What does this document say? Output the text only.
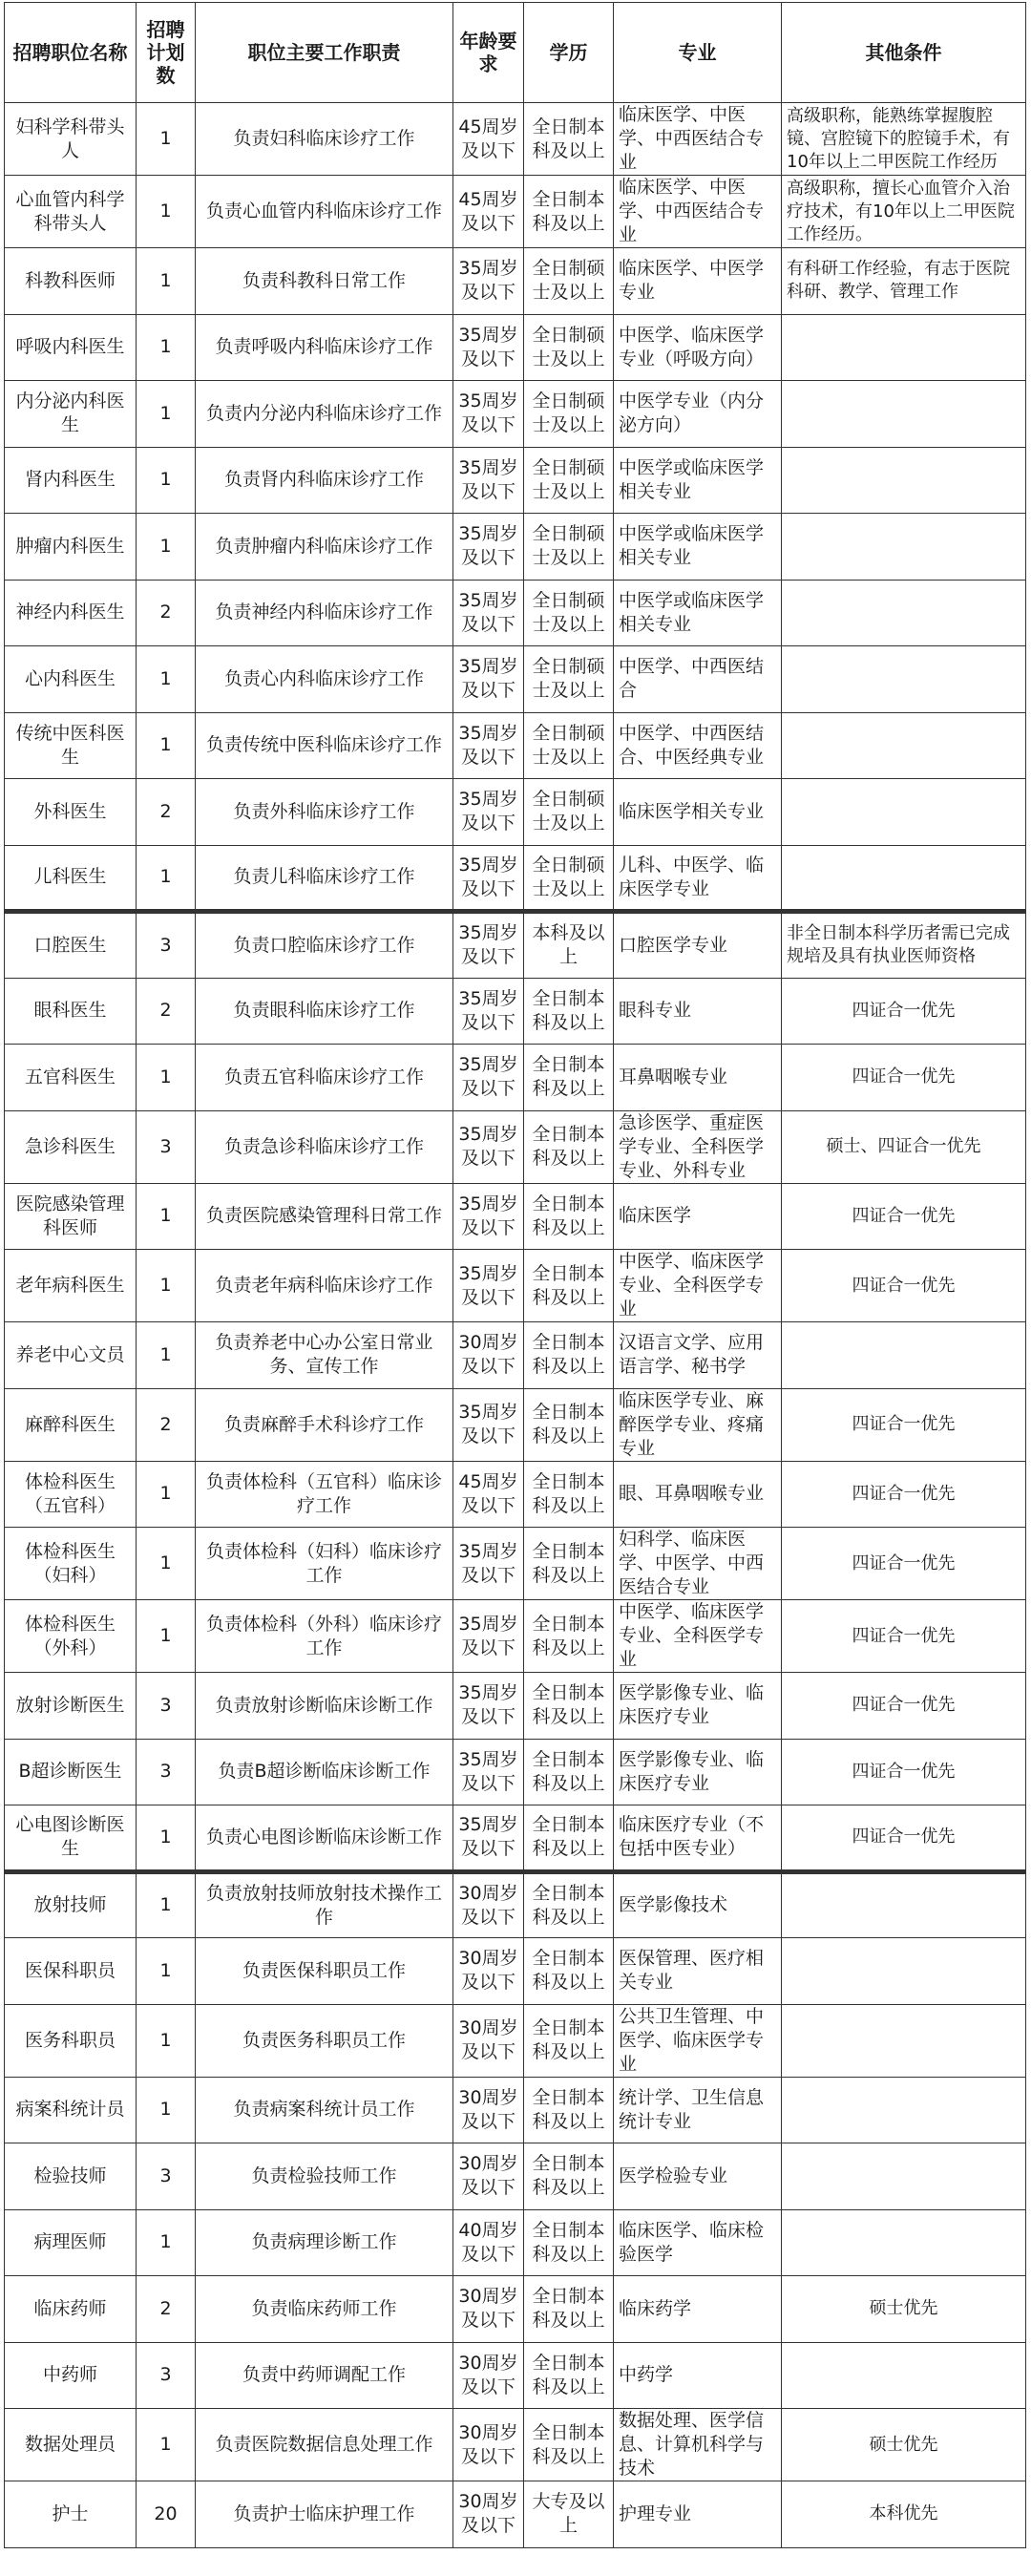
招聘职位名称	招聘计划数	职位主要工作职责	年龄要求	学历	专业	其他条件
妇科学科带头人	1	负责妇科临床诊疗工作	45周岁及以下	全日制本科及以上	临床医学、中医学、中西医结合专业	高级职称，能熟练掌握腹腔镜、宫腔镜下的腔镜手术，有10年以上二甲医院工作经历
心血管内科学科带头人	1	负责心血管内科临床诊疗工作	45周岁及以下	全日制本科及以上	临床医学、中医学、中西医结合专业	高级职称，擅长心血管介入治疗技术，有10年以上二甲医院工作经历。
科教科医师	1	负责科教科日常工作	35周岁及以下	全日制硕士及以上	临床医学、中医学专业	有科研工作经验，有志于医院科研、教学、管理工作
呼吸内科医生	1	负责呼吸内科临床诊疗工作	35周岁及以下	全日制硕士及以上	中医学、临床医学专业（呼吸方向）	
内分泌内科医生	1	负责内分泌内科临床诊疗工作	35周岁及以下	全日制硕士及以上	中医学专业（内分泌方向）	
肾内科医生	1	负责肾内科临床诊疗工作	35周岁及以下	全日制硕士及以上	中医学或临床医学相关专业	
肿瘤内科医生	1	负责肿瘤内科临床诊疗工作	35周岁及以下	全日制硕士及以上	中医学或临床医学相关专业	
神经内科医生	2	负责神经内科临床诊疗工作	35周岁及以下	全日制硕士及以上	中医学或临床医学相关专业	
心内科医生	1	负责心内科临床诊疗工作	35周岁及以下	全日制硕士及以上	中医学、中西医结合	
传统中医科医生	1	负责传统中医科临床诊疗工作	35周岁及以下	全日制硕士及以上	中医学、中西医结合、中医经典专业	
外科医生	2	负责外科临床诊疗工作	35周岁及以下	全日制硕士及以上	临床医学相关专业	
儿科医生	1	负责儿科临床诊疗工作	35周岁及以下	全日制硕士及以上	儿科、中医学、临床医学专业	
口腔医生	3	负责口腔临床诊疗工作	35周岁及以下	本科及以上	口腔医学专业	非全日制本科学历者需已完成规培及具有执业医师资格
眼科医生	2	负责眼科临床诊疗工作	35周岁及以下	全日制本科及以上	眼科专业	四证合一优先
五官科医生	1	负责五官科临床诊疗工作	35周岁及以下	全日制本科及以上	耳鼻咽喉专业	四证合一优先
急诊科医生	3	负责急诊科临床诊疗工作	35周岁及以下	全日制本科及以上	急诊医学、重症医学专业、全科医学专业、外科专业	硕士、四证合一优先
医院感染管理科医师	1	负责医院感染管理科日常工作	35周岁及以下	全日制本科及以上	临床医学	四证合一优先
老年病科医生	1	负责老年病科临床诊疗工作	35周岁及以下	全日制本科及以上	中医学、临床医学专业、全科医学专业	四证合一优先
养老中心文员	1	负责养老中心办公室日常业务、宣传工作	30周岁及以下	全日制本科及以上	汉语言文学、应用语言学、秘书学	
麻醉科医生	2	负责麻醉手术科诊疗工作	35周岁及以下	全日制本科及以上	临床医学专业、麻醉医学专业、疼痛专业	四证合一优先
体检科医生（五官科）	1	负责体检科（五官科）临床诊疗工作	45周岁及以下	全日制本科及以上	眼、耳鼻咽喉专业	四证合一优先
体检科医生（妇科）	1	负责体检科（妇科）临床诊疗工作	35周岁及以下	全日制本科及以上	妇科学、临床医学、中医学、中西医结合专业	四证合一优先
体检科医生（外科）	1	负责体检科（外科）临床诊疗工作	35周岁及以下	全日制本科及以上	中医学、临床医学专业、全科医学专业	四证合一优先
放射诊断医生	3	负责放射诊断临床诊断工作	35周岁及以下	全日制本科及以上	医学影像专业、临床医疗专业	四证合一优先
B超诊断医生	3	负责B超诊断临床诊断工作	35周岁及以下	全日制本科及以上	医学影像专业、临床医疗专业	四证合一优先
心电图诊断医生	1	负责心电图诊断临床诊断工作	35周岁及以下	全日制本科及以上	临床医疗专业（不包括中医专业）	四证合一优先
放射技师	1	负责放射技师放射技术操作工作	30周岁及以下	全日制本科及以上	医学影像技术	
医保科职员	1	负责医保科职员工作	30周岁及以下	全日制本科及以上	医保管理、医疗相关专业	
医务科职员	1	负责医务科职员工作	30周岁及以下	全日制本科及以上	公共卫生管理、中医学、临床医学专业	
病案科统计员	1	负责病案科统计员工作	30周岁及以下	全日制本科及以上	统计学、卫生信息统计专业	
检验技师	3	负责检验技师工作	30周岁及以下	全日制本科及以上	医学检验专业	
病理医师	1	负责病理诊断工作	40周岁及以下	全日制本科及以上	临床医学、临床检验医学	
临床药师	2	负责临床药师工作	30周岁及以下	全日制本科及以上	临床药学	硕士优先
中药师	3	负责中药师调配工作	30周岁及以下	全日制本科及以上	中药学	
数据处理员	1	负责医院数据信息处理工作	30周岁及以下	全日制本科及以上	数据处理、医学信息、计算机科学与技术	硕士优先
护士	20	负责护士临床护理工作	30周岁及以下	大专及以上	护理专业	本科优先
